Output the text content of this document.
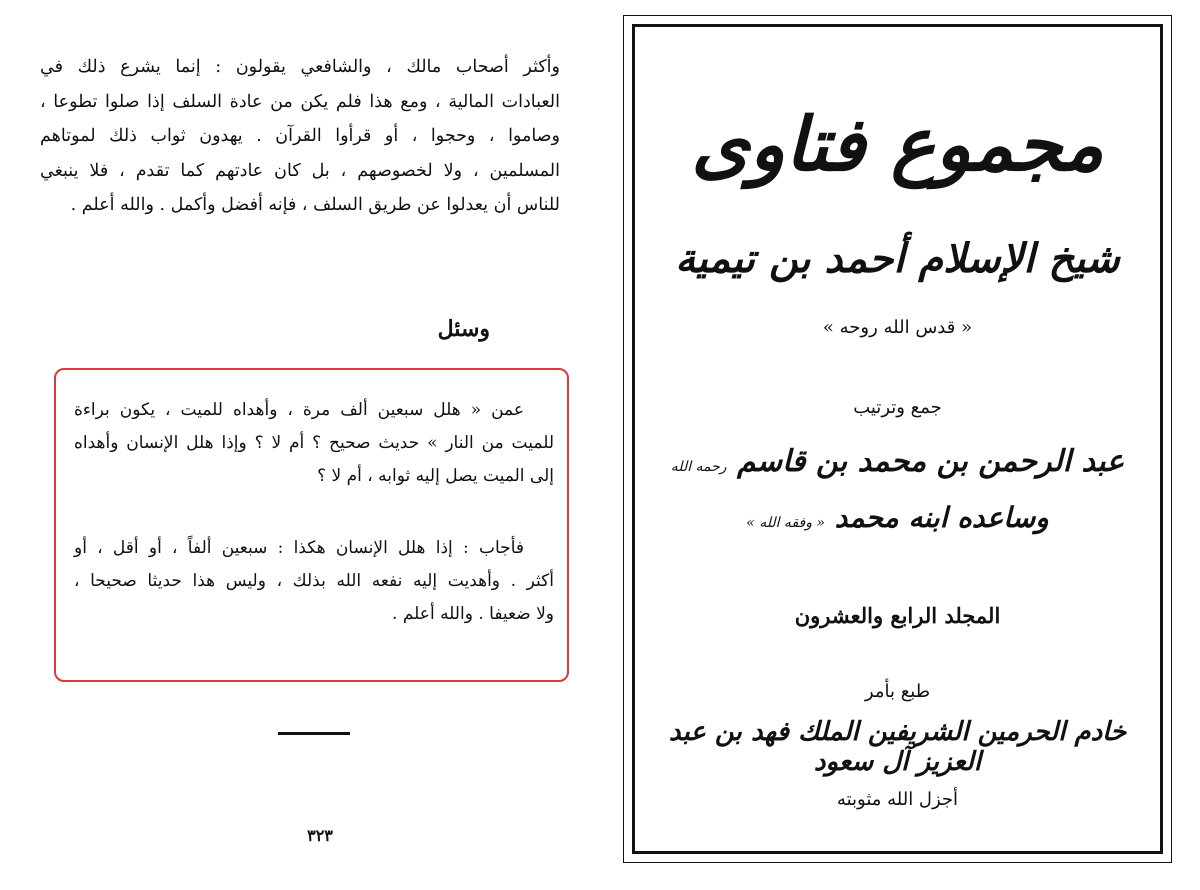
وأكثر أصحاب مالك ، والشافعي يقولون : إنما يشرع ذلك في
العبادات المالية ، ومع هذا فلم يكن من عادة السلف إذا صلوا تطوعا ،
وصاموا ، وحجوا ، أو قرأوا القرآن . يهدون ثواب ذلك لموتاهم
المسلمين ، ولا لخصوصهم ، بل كان عادتهم كما تقدم ، فلا ينبغي
للناس أن يعدلوا عن طريق السلف ، فإنه أفضل وأكمل . والله أعلم .
وسئل
عمن « هلل سبعين ألف مرة ، وأهداه للميت ، يكون براءة
للميت من النار » حديث صحيح ؟ أم لا ؟ وإذا هلل الإنسان وأهداه
إلى الميت يصل إليه ثوابه ، أم لا ؟
فأجاب : إذا هلل الإنسان هكذا : سبعين ألفاً ، أو أقل ، أو
أكثر . وأهديت إليه نفعه الله بذلك ، وليس هذا حديثا صحيحا ،
ولا ضعيفا . والله أعلم .
٣٢٣
مجموع فتاوى
شيخ الإسلام أحمد بن تيمية
« قدس الله روحه »
جمع وترتيب
عبد الرحمن بن محمد بن قاسم رحمه الله
وساعده ابنه محمد « وفقه الله »
المجلد الرابع والعشرون
طبع بأمر
خادم الحرمين الشريفين الملك فهد بن عبد العزيز آل سعود
أجزل الله مثوبته
